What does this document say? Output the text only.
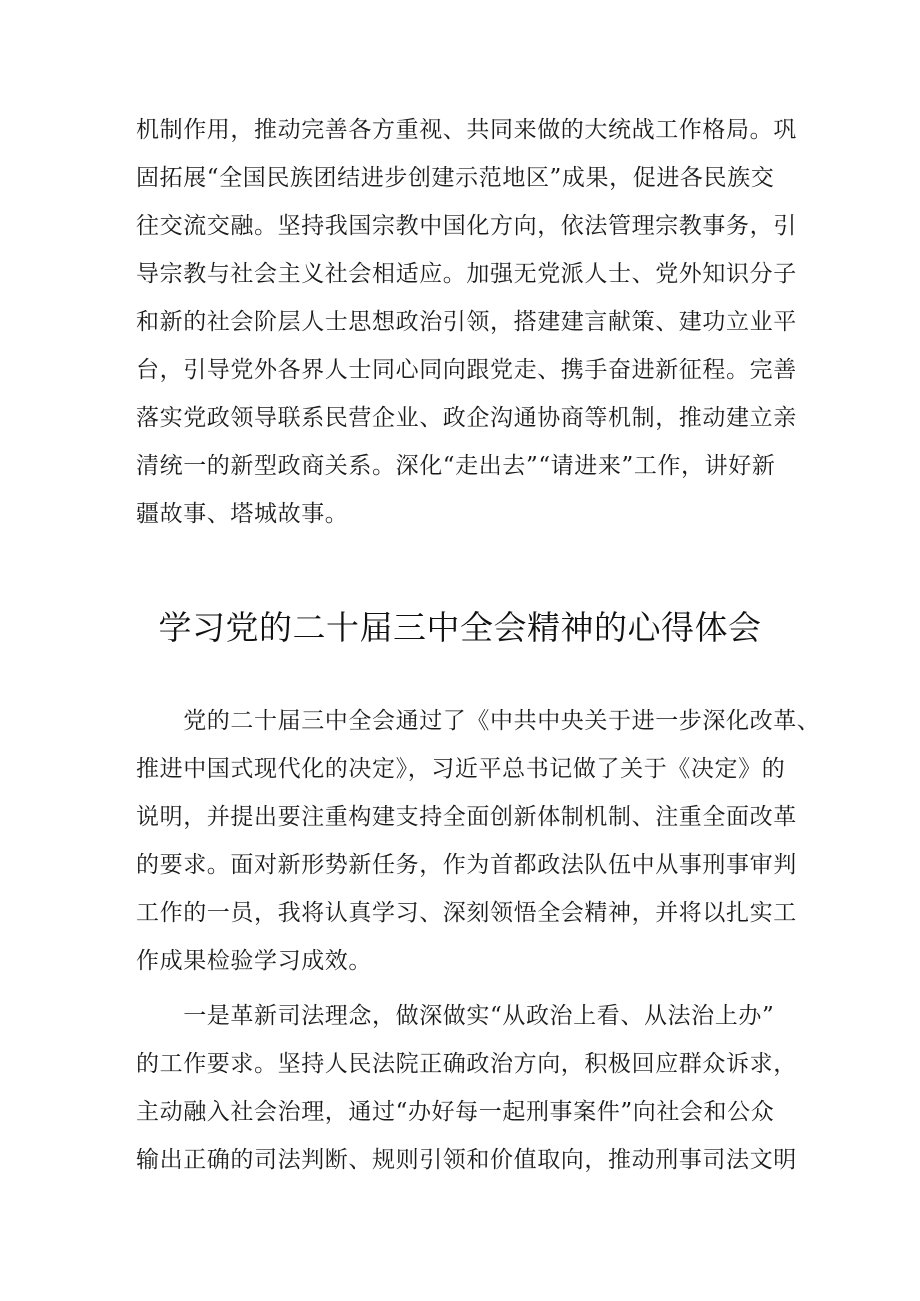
机制作用，推动完善各方重视、共同来做的大统战工作格局。巩
固拓展“全国民族团结进步创建示范地区”成果，促进各民族交
往交流交融。坚持我国宗教中国化方向，依法管理宗教事务，引
导宗教与社会主义社会相适应。加强无党派人士、党外知识分子
和新的社会阶层人士思想政治引领，搭建建言献策、建功立业平
台，引导党外各界人士同心同向跟党走、携手奋进新征程。完善
落实党政领导联系民营企业、政企沟通协商等机制，推动建立亲
清统一的新型政商关系。深化“走出去”“请进来”工作，讲好新
疆故事、塔城故事。
学习党的二十届三中全会精神的心得体会
　　党的二十届三中全会通过了《中共中央关于进一步深化改革、
推进中国式现代化的决定》，习近平总书记做了关于《决定》的
说明，并提出要注重构建支持全面创新体制机制、注重全面改革
的要求。面对新形势新任务，作为首都政法队伍中从事刑事审判
工作的一员，我将认真学习、深刻领悟全会精神，并将以扎实工
作成果检验学习成效。
　　一是革新司法理念，做深做实“从政治上看、从法治上办”
的工作要求。坚持人民法院正确政治方向，积极回应群众诉求，
主动融入社会治理，通过“办好每一起刑事案件”向社会和公众
输出正确的司法判断、规则引领和价值取向，推动刑事司法文明
